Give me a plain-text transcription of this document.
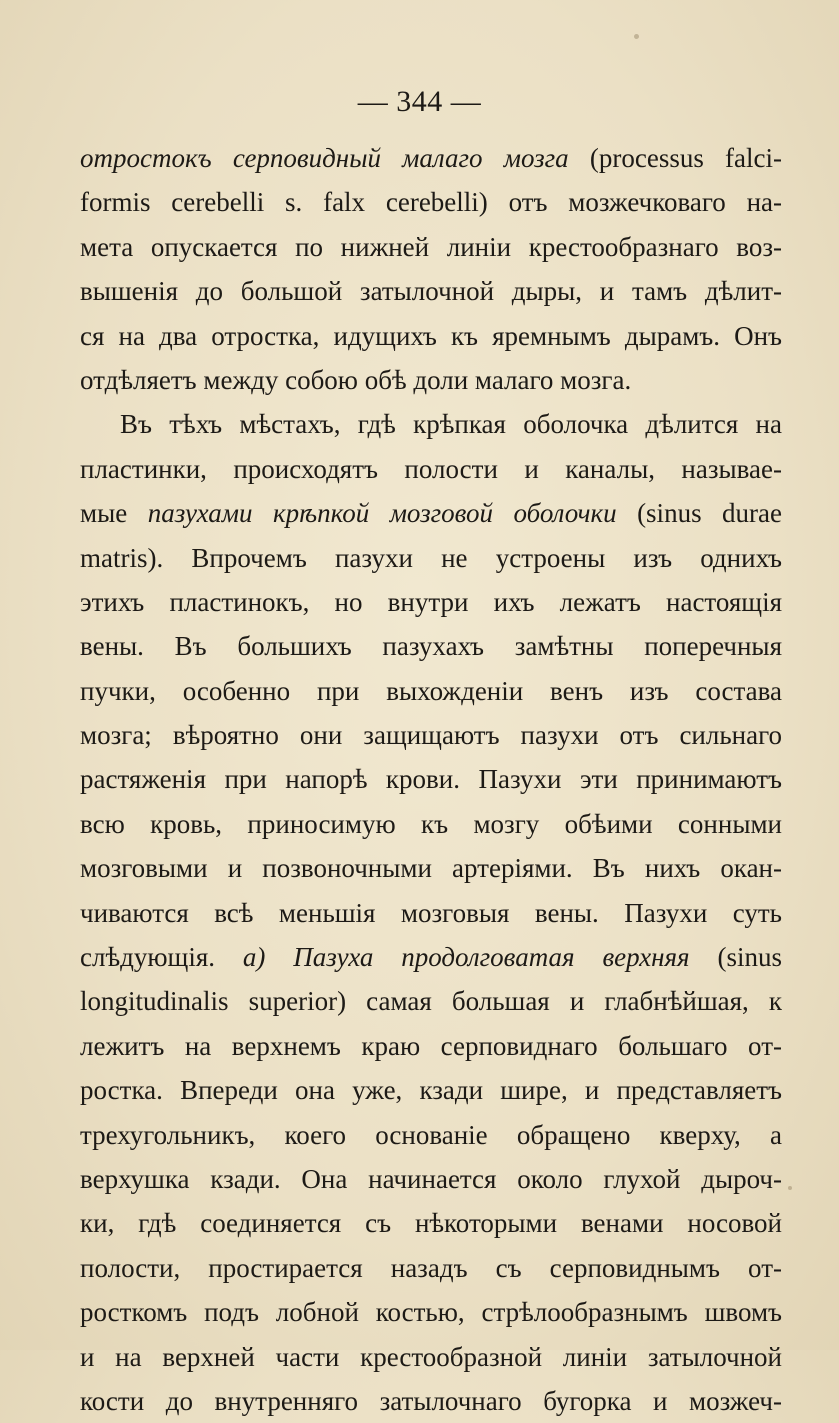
— 344 —
отростокъ серповидный малаго мозга (processus falci-
formis cerebelli s. falx cerebelli) отъ мозжечковаго на-
мета опускается по нижней линіи крестообразнаго воз-
вышенія до большой затылочной дыры, и тамъ дѣлит-
ся на два отростка, идущихъ къ яремнымъ дырамъ. Онъ
отдѣляетъ между собою обѣ доли малаго мозга.
Въ тѣхъ мѣстахъ, гдѣ крѣпкая оболочка дѣлится на
пластинки, происходятъ полости и каналы, называе-
мые пазухами крѣпкой мозговой оболочки (sinus durae
matris). Впрочемъ пазухи не устроены изъ однихъ
этихъ пластинокъ, но внутри ихъ лежатъ настоящія
вены. Въ большихъ пазухахъ замѣтны поперечныя
пучки, особенно при выхожденіи венъ изъ состава
мозга; вѣроятно они защищаютъ пазухи отъ сильнаго
растяженія при напорѣ крови. Пазухи эти принимаютъ
всю кровь, приносимую къ мозгу обѣими сонными
мозговыми и позвоночными артеріями. Въ нихъ окан-
чиваются всѣ меньшія мозговыя вены. Пазухи суть
слѣдующія. а) Пазуха продолговатая верхняя (sinus
longitudinalis superior) самая большая и глабнѣйшая, к
лежитъ на верхнемъ краю серповиднаго большаго от-
ростка. Впереди она уже, кзади шире, и представляетъ
трехугольникъ, коего основаніе обращено кверху, а
верхушка кзади. Она начинается около глухой дыроч-
ки, гдѣ соединяется съ нѣкоторыми венами носовой
полости, простирается назадъ съ серповиднымъ от-
росткомъ подъ лобной костью, стрѣлообразнымъ швомъ
и на верхней части крестообразной линіи затылочной
кости до внутренняго затылочнаго бугорка и мозжеч-
